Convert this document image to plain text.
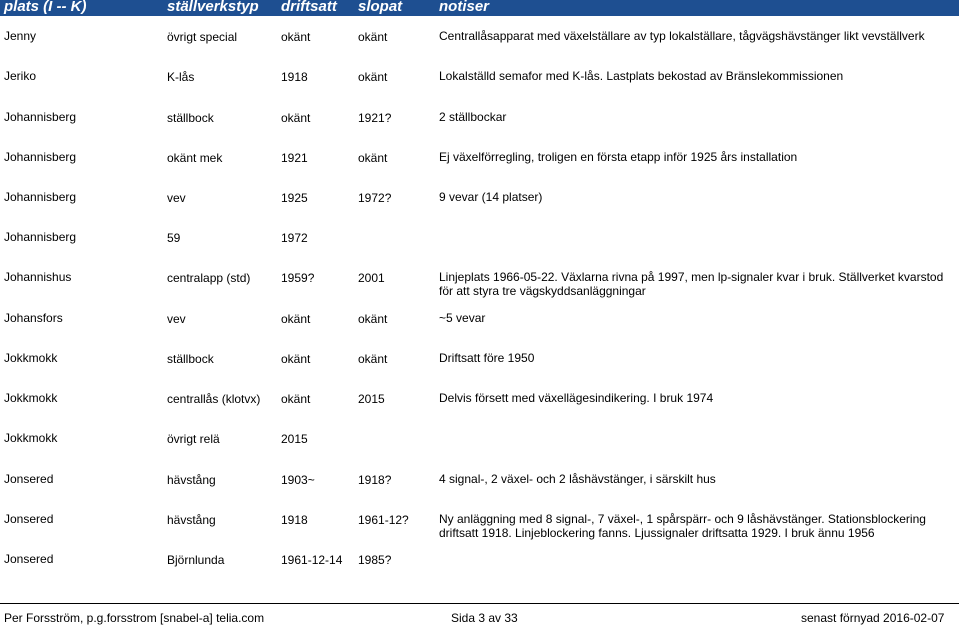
plats (I -- K)	ställverkstyp driftsatt slopat notiser
Jenny	övrigt special	okänt	okänt	Centrallåsapparat med växelställare av typ lokalställare, tågvägshävstänger likt vevställverk
Jeriko	K-lås	1918	okänt	Lokalställd semafor med K-lås. Lastplats bekostad av Bränslekommissionen
Johannisberg	ställbock	okänt	1921?	2 ställbockar
Johannisberg	okänt mek	1921	okänt	Ej växelförregling, troligen en första etapp inför 1925 års installation
Johannisberg	vev	1925	1972?	9 vevar (14 platser)
Johannisberg	59	1972
Johannishus	centralapp (std)	1959?	2001	Linjeplats 1966-05-22. Växlarna rivna på 1997, men lp-signaler kvar i bruk. Ställverket kvarstod för att styra tre vägskyddsanläggningar
Johansfors	vev	okänt	okänt	~5 vevar
Jokkmokk	ställbock	okänt	okänt	Driftsatt före 1950
Jokkmokk	centrallås (klotvx) okänt	2015	Delvis försett med växellägesindikering. I bruk 1974
Jokkmokk	övrigt relä	2015
Jonsered	hävstång	1903~	1918?	4 signal-, 2 växel- och 2 låshävstänger, i särskilt hus
Jonsered	hävstång	1918	1961-12?	Ny anläggning med 8 signal-, 7 växel-, 1 spårspärr- och 9 låshävstänger. Stationsblockering driftsatt 1918. Linjeblockering fanns. Ljussignaler driftsatta 1929. I bruk ännu 1956
Jonsered	Björnlunda	1961-12-14 1985?
Per Forsström, p.g.forsstrom [snabel-a] telia.com	Sida 3 av 33	senast förnyad 2016-02-07
